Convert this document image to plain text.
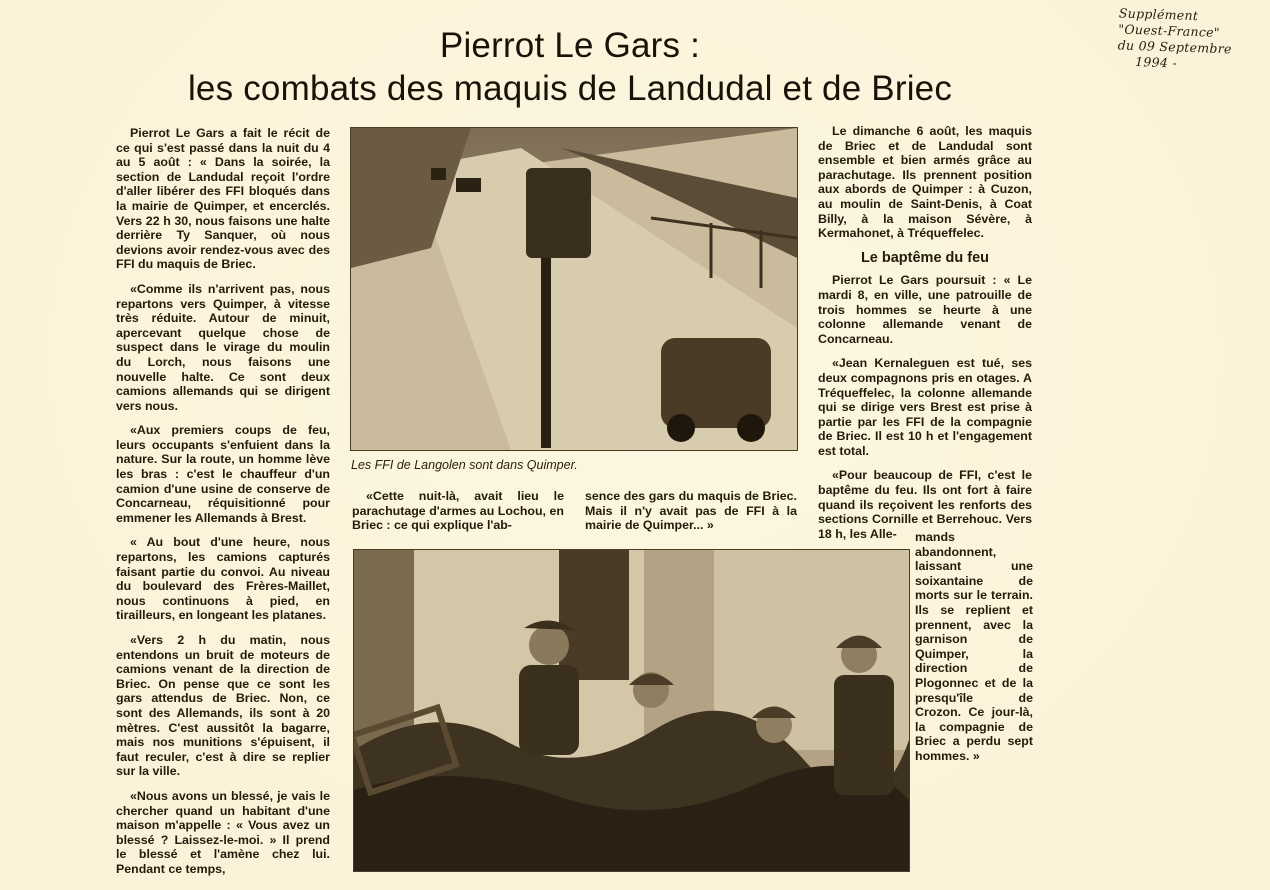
Supplément
"Ouest-France"
du 09 Septembre
1994 -
Pierrot Le Gars :
les combats des maquis de Landudal et de Briec

Pierrot Le Gars a fait le récit de ce qui s'est passé dans la nuit du 4 au 5 août : « Dans la soirée, la section de Landudal reçoit l'ordre d'aller libérer des FFI bloqués dans la mairie de Quimper, et encerclés. Vers 22 h 30, nous faisons une halte derrière Ty Sanquer, où nous devions avoir rendez-vous avec des FFI du maquis de Briec.

«Comme ils n'arrivent pas, nous repartons vers Quimper, à vitesse très réduite. Autour de minuit, apercevant quelque chose de suspect dans le virage du moulin du Lorch, nous faisons une nouvelle halte. Ce sont deux camions allemands qui se dirigent vers nous.

«Aux premiers coups de feu, leurs occupants s'enfuient dans la nature. Sur la route, un homme lève les bras : c'est le chauffeur d'un camion d'une usine de conserve de Concarneau, réquisitionné pour emmener les Allemands à Brest.

« Au bout d'une heure, nous repartons, les camions capturés faisant partie du convoi. Au niveau du boulevard des Frères-Maillet, nous continuons à pied, en tirailleurs, en longeant les platanes.

«Vers 2 h du matin, nous entendons un bruit de moteurs de camions venant de la direction de Briec. On pense que ce sont les gars attendus de Briec. Non, ce sont des Allemands, ils sont à 20 mètres. C'est aussitôt la bagarre, mais nos munitions s'épuisent, il faut reculer, c'est à dire se replier sur la ville.

«Nous avons un blessé, je vais le chercher quand un habitant d'une maison m'appelle : « Vous avez un blessé ? Laissez-le-moi. » Il prend le blessé et l'amène chez lui. Pendant ce temps,

Les FFI de Langolen sont dans Quimper.

«Cette nuit-là, avait lieu le parachutage d'armes au Lochou, en Briec : ce qui explique l'ab-

sence des gars du maquis de Briec. Mais il n'y avait pas de FFI à la mairie de Quimper... »

Le dimanche 6 août, les maquis de Briec et de Landudal sont ensemble et bien armés grâce au parachutage. Ils prennent position aux abords de Quimper : à Cuzon, au moulin de Saint-Denis, à Coat Billy, à la maison Sévère, à Kermahonet, à Tréqueffelec.

Le baptême du feu

Pierrot Le Gars poursuit : « Le mardi 8, en ville, une patrouille de trois hommes se heurte à une colonne allemande venant de Concarneau.

«Jean Kernaleguen est tué, ses deux compagnons pris en otages. A Tréqueffelec, la colonne allemande qui se dirige vers Brest est prise à partie par les FFI de la compagnie de Briec. Il est 10 h et l'engagement est total.

«Pour beaucoup de FFI, c'est le baptême du feu. Ils ont fort à faire quand ils reçoivent les renforts des sections Cornille et Berrehouc. Vers 18 h, les Alle-	mands abandonnent, laissant une soixantaine de morts sur le terrain. Ils se replient et prennent, avec la garnison de Quimper, la direction de Plogonnec et de la presqu'île de Crozon. Ce jour-là, la compagnie de Briec a perdu sept hommes. »
